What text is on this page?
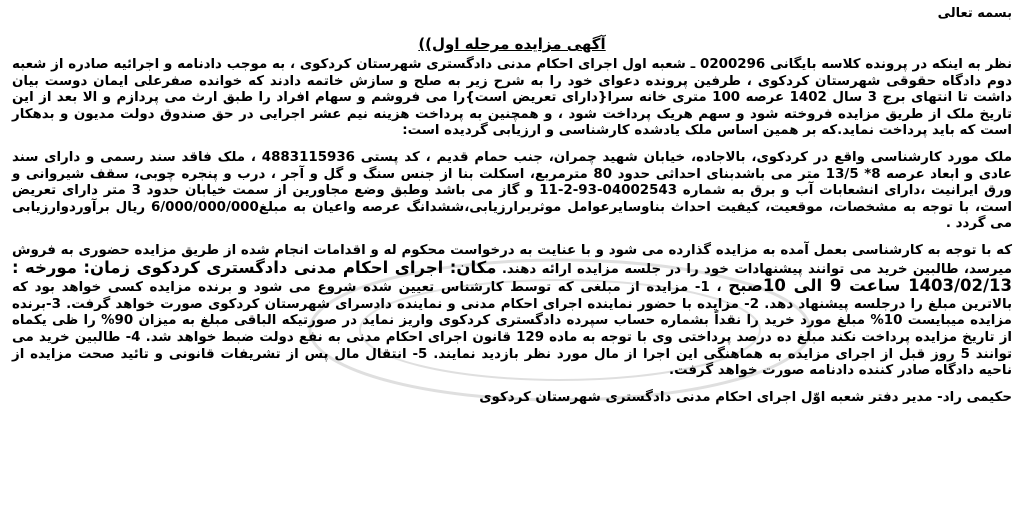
بسمه تعالی
آگهی مزایده مرحله اول))

نظر به اینکه در پرونده کلاسه بایگانی 0200296 ـ شعبه اول اجرای احکام مدنی دادگستری شهرستان کردکوی ، به موجب دادنامه و اجرائیه صادره از شعبه دوم دادگاه حقوقی شهرستان کردکوی ، طرفین پرونده دعوای خود را به شرح زیر به صلح و سازش خاتمه دادند که خوانده صفرعلی ایمان دوست بیان داشت تا انتهای برج 3 سال 1402 عرصه 100 متری خانه سرا{دارای تعریض است}را می فروشم و سهام افراد را طبق ارث می پردازم و الا بعد از این تاریخ ملک از طریق مزایده فروخته شود و سهم هریک پرداخت شود ، و همچنین به پرداخت هزینه نیم عشر اجرایی در حق صندوق دولت مدیون و بدهکار است که باید پرداخت نماید.که بر همین اساس ملک یادشده کارشناسی و ارزیابی گردیده است:

ملک مورد کارشناسی واقع در کردکوی، بالاجاده، خیابان شهید چمران، جنب حمام قدیم ، کد پستی 4883115936 ، ملک فاقد سند رسمی و دارای سند عادی و ابعاد عرصه 8* 13/5 متر می باشدبنای احداثی حدود 80 مترمربع، اسکلت بنا از جنس سنگ و گل و آجر ، درب و پنجره چوبی، سقف شیروانی و ورق ایرانیت ،دارای انشعابات آب و برق به شماره 04002543-93-2-11 و گاز می باشد وطبق وضع مجاورین از سمت خیابان حدود 3 متر دارای تعریض است، با توجه به مشخصات، موقعیت، کیفیت احداث بناوسایرعوامل موثربرارزیابی،ششدانگ عرصه واعیان به مبلغ6/000/000/000 ریال برآوردوارزیابی می گردد .

که با توجه به کارشناسی بعمل آمده به مزایده گذارده می شود و با عنایت به درخواست محکوم له و اقدامات انجام شده از طریق مزایده حضوری به فروش میرسد، طالبین خرید می توانند پیشنهادات خود را در جلسه مزایده ارائه دهند. مکان: اجرای احکام مدنی دادگستری کردکوی زمان: مورخه : 1403/02/13 ساعت 9 الی 10صبح ، 1- مزایده از مبلغی که توسط کارشناس تعیین شده شروع می شود و برنده مزایده کسی خواهد بود که بالاترین مبلغ را درجلسه پیشنهاد دهد. 2- مزایده با حضور نماینده اجرای احکام مدنی و نماینده دادسرای شهرستان کردکوی صورت خواهد گرفت. 3-برنده مزایده میبایست 10% مبلغ مورد خرید را نقداً بشماره حساب سپرده دادگستری کردکوی واریز نماید در صورتیکه الباقی مبلغ به میزان 90% را ظی یکماه از تاریخ مزایده پرداخت نکند مبلغ ده درصد پرداختی وی با توجه به ماده 129 قانون اجرای احکام مدنی به نفع دولت ضبط خواهد شد. 4- طالبین خرید می توانند 5 روز قبل از اجرای مزایده به هماهنگی این اجرا از مال مورد نظر بازدید نمایند. 5- انتقال مال پس از تشریفات قانونی و تائید صحت مزایده از ناحیه دادگاه صادر کننده دادنامه صورت خواهد گرفت.

حکیمی راد- مدیر دفتر شعبه اوّل اجرای احکام مدنی دادگستری شهرستان کردکوی
